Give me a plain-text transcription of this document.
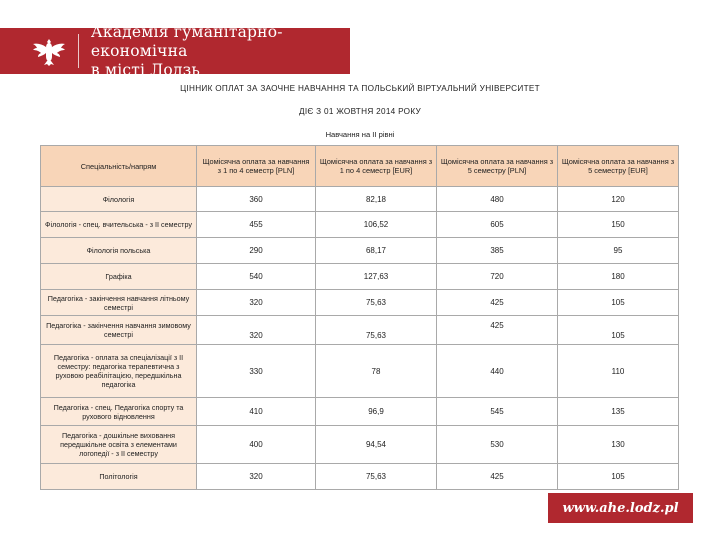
Академія гуманітарно-економічна
в місті Лодзь
ЦІННИК ОПЛАТ ЗА ЗАОЧНЕ НАВЧАННЯ ТА ПОЛЬСЬКИЙ ВІРТУАЛЬНИЙ УНІВЕРСИТЕТ
ДІЄ З 01 ЖОВТНЯ 2014 РОКУ
Навчання на ІІ рівні
Спеціальність/напрям	Щомісячна оплата за навчання з 1 по 4 семестр [PLN]	Щомісячна оплата за навчання з 1 по 4 семестр [EUR]	Щомісячна оплата за навчання з 5 семестру [PLN]	Щомісячна оплата за навчання з 5 семестру [EUR]
Філологія	360	82,18	480	120
Філологія - спец. вчительська - з ІІ семестру	455	106,52	605	150
Філологія польська	290	68,17	385	95
Графіка	540	127,63	720	180
Педагогіка - закінчення навчання літньому семестрі	320	75,63	425	105
Педагогіка - закінчення навчання зимовому семестрі	320	75,63	425	105
Педагогіка - оплата за спеціалізації з ІІ семестру: педагогіка терапевтична з руховою реабілітацією, передшкільна педагогіка	330	78	440	110
Педагогіка - спец. Педагогіка спорту та рухового відновлення	410	96,9	545	135
Педагогіка - дошкільне виховання передшкільне освіта з елементами логопедії - з ІІ семестру	400	94,54	530	130
Політологія	320	75,63	425	105
www.ahe.lodz.pl
